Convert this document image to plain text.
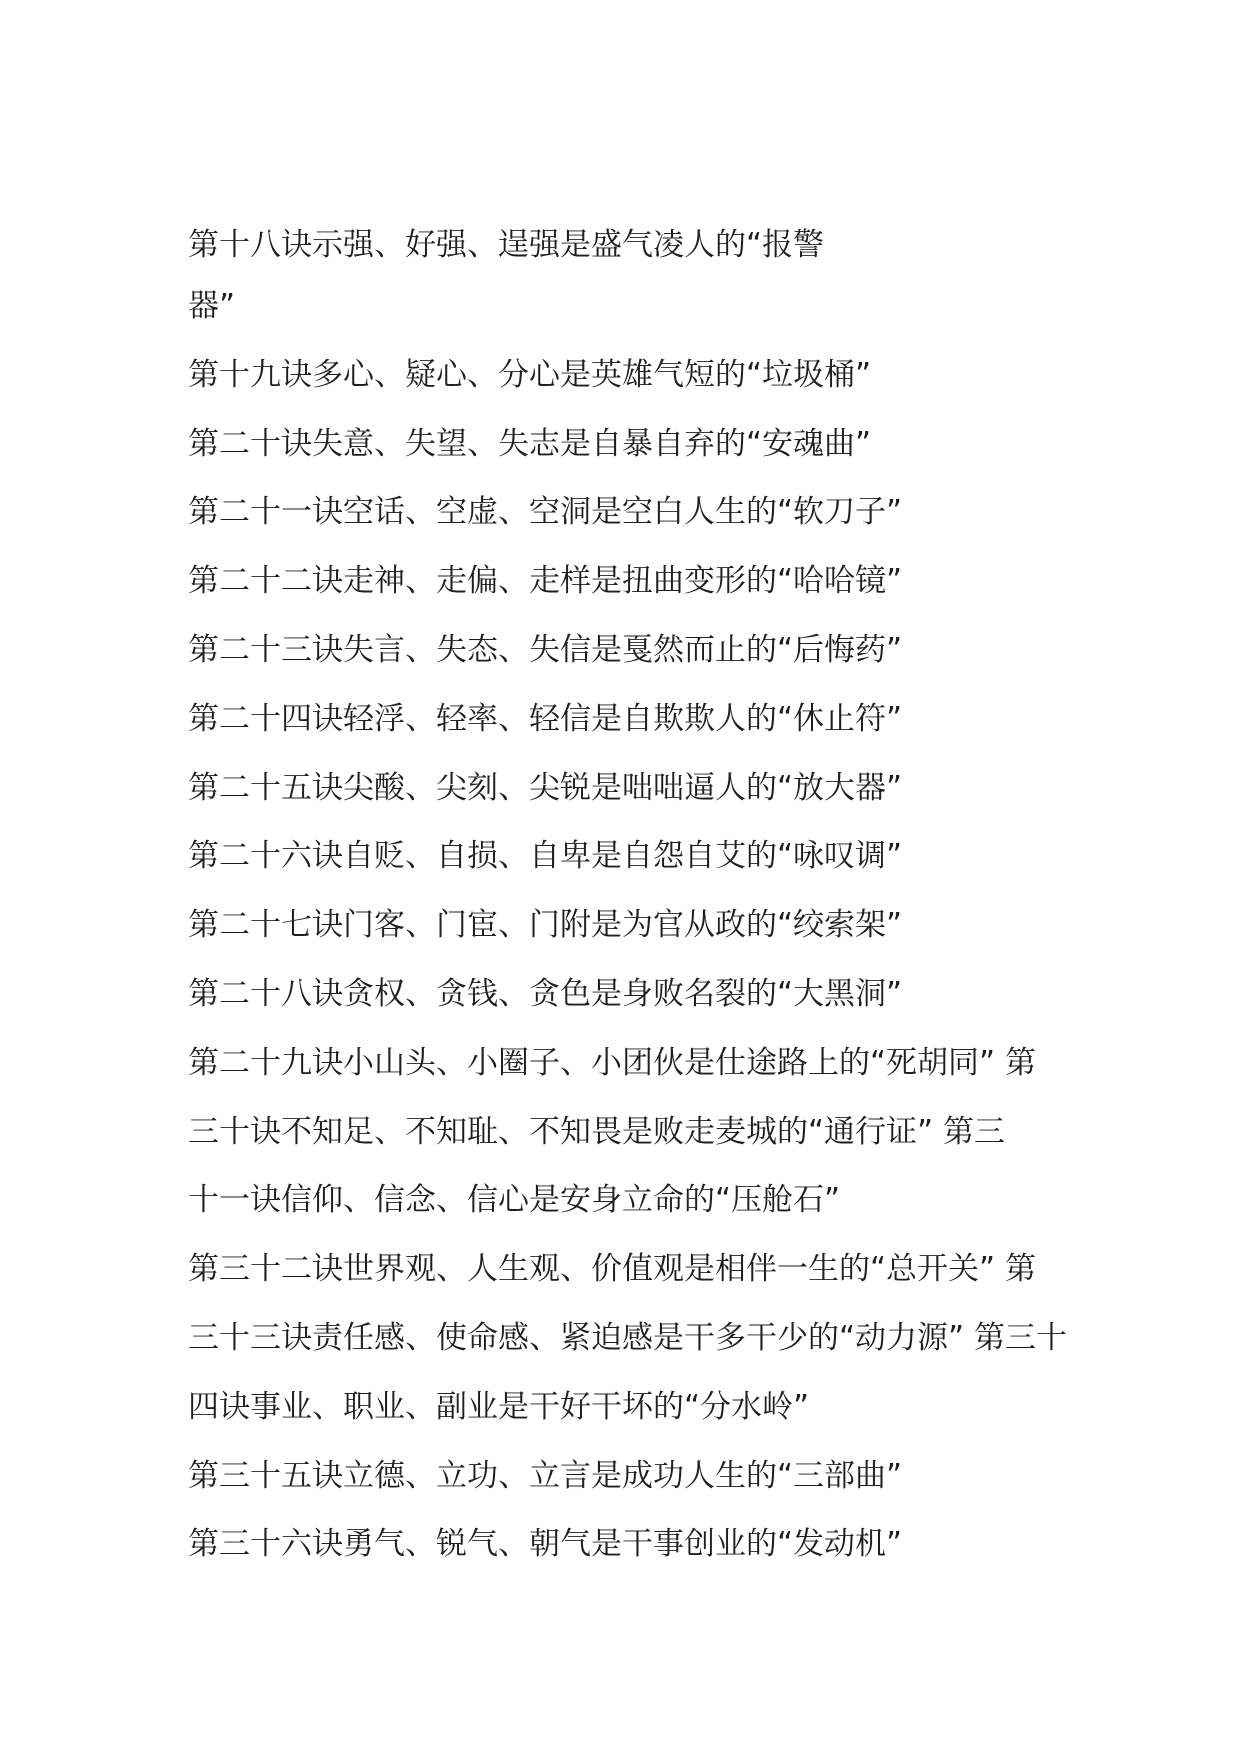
第十八诀示强、好强、逞强是盛气凌人的“报警

器”

第十九诀多心、疑心、分心是英雄气短的“垃圾桶”

第二十诀失意、失望、失志是自暴自弃的“安魂曲”

第二十一诀空话、空虚、空洞是空白人生的“软刀子”

第二十二诀走神、走偏、走样是扭曲变形的“哈哈镜”

第二十三诀失言、失态、失信是戛然而止的“后悔药”

第二十四诀轻浮、轻率、轻信是自欺欺人的“休止符”

第二十五诀尖酸、尖刻、尖锐是咄咄逼人的“放大器”

第二十六诀自贬、自损、自卑是自怨自艾的“咏叹调”

第二十七诀门客、门宦、门附是为官从政的“绞索架”

第二十八诀贪权、贪钱、贪色是身败名裂的“大黑洞”

第二十九诀小山头、小圈子、小团伙是仕途路上的“死胡同” 第

三十诀不知足、不知耻、不知畏是败走麦城的“通行证” 第三

十一诀信仰、信念、信心是安身立命的“压舱石”

第三十二诀世界观、人生观、价值观是相伴一生的“总开关” 第

三十三诀责任感、使命感、紧迫感是干多干少的“动力源” 第三十

四诀事业、职业、副业是干好干坏的“分水岭”

第三十五诀立德、立功、立言是成功人生的“三部曲”

第三十六诀勇气、锐气、朝气是干事创业的“发动机”
